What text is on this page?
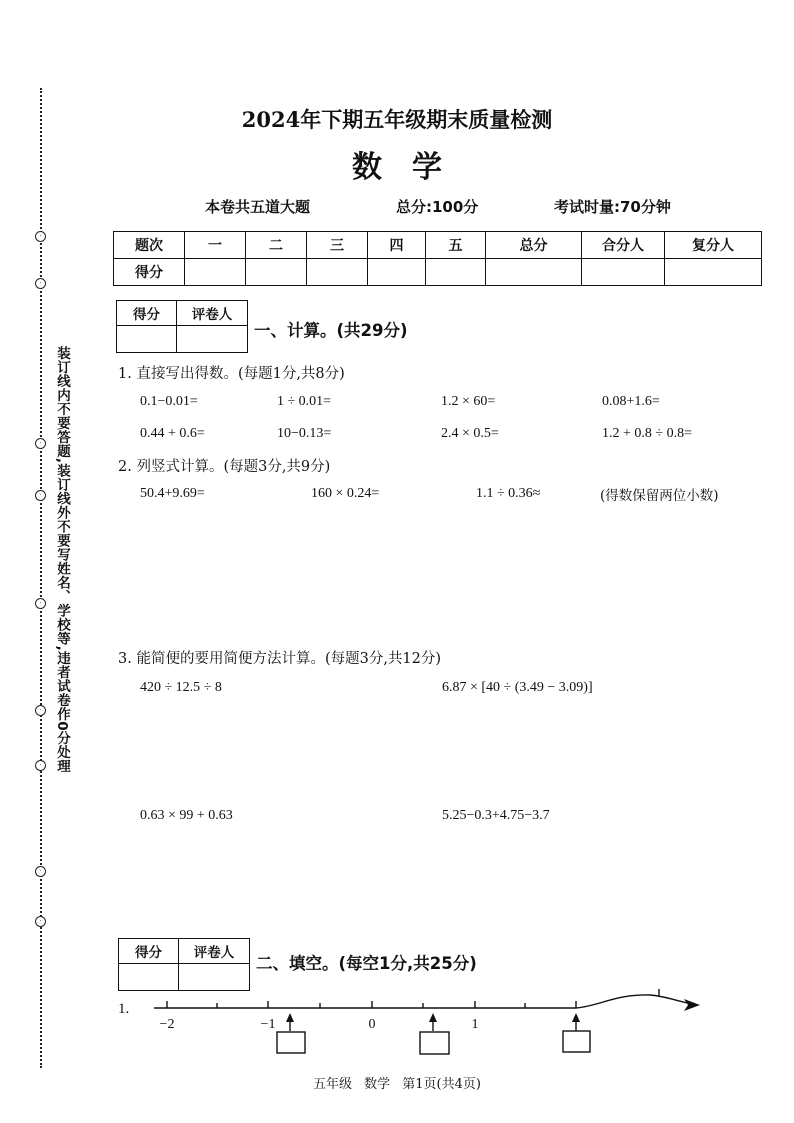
·
·
·
·
·
·
·
·
·
装订线内不要答题,装订线外不要写姓名、学校等,违者试卷作0分处理
2024年下期五年级期末质量检测
数学
本卷共五道大题	总分:100分	考试时量:70分钟
题次	一	二	三	四	五	总分	合分人	复分人
得分								
得分	评卷人

一、计算。(共29分)
1. 直接写出得数。(每题1分,共8分)
0.1−0.01=	1 ÷ 0.01=	1.2 × 60=	0.08+1.6=
0.44 + 0.6=	10−0.13=	2.4 × 0.5=	1.2 + 0.8 ÷ 0.8=
2. 列竖式计算。(每题3分,共9分)
50.4+9.69=	160 × 0.24=	1.1 ÷ 0.36≈	(得数保留两位小数)
3. 能简便的要用简便方法计算。(每题3分,共12分)
420 ÷ 12.5 ÷ 8	6.87 × [40 ÷ (3.49 − 3.09)]
0.63 × 99 + 0.63	5.25−0.3+4.75−3.7
得分	评卷人

二、填空。(每空1分,共25分)
1.
−2	−1	0	1
五年级 数学 第1页(共4页)
